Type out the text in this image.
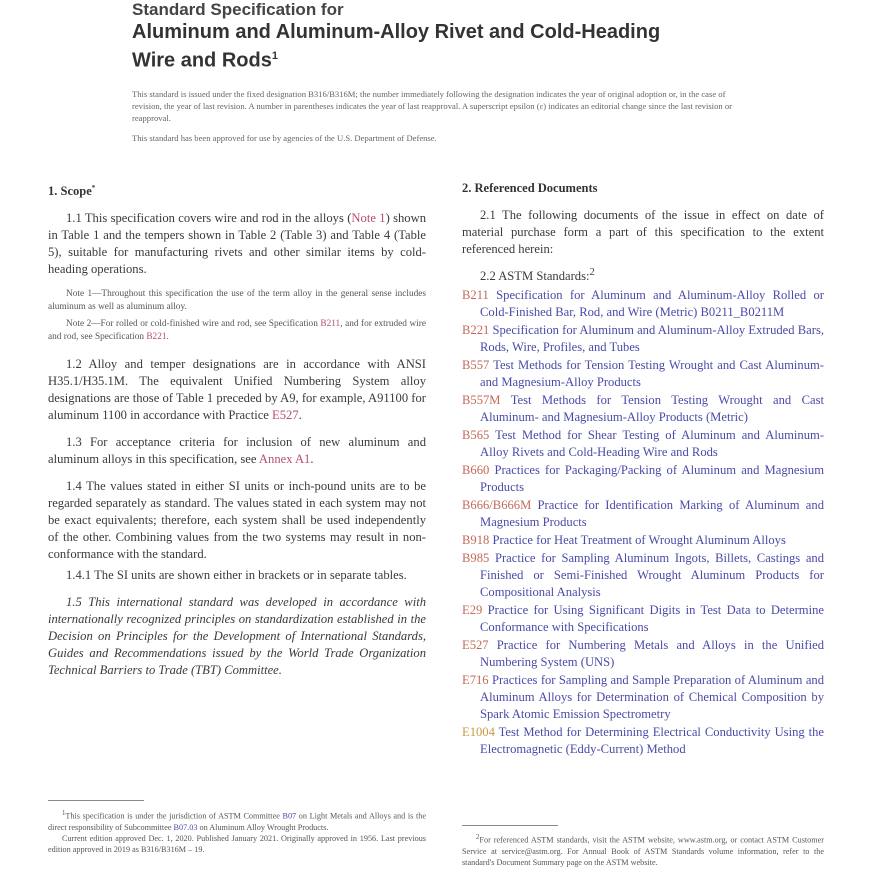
Standard Specification for
Aluminum and Aluminum-Alloy Rivet and Cold-Heading
Wire and Rods$^1$

This standard is issued under the fixed designation B316/B316M; the number immediately following the designation indicates the year of original adoption or, in the case of revision, the year of last revision. A number in parentheses indicates the year of last reapproval. A superscript epsilon (ε) indicates an editorial change since the last revision or reapproval.

This standard has been approved for use by agencies of the U.S. Department of Defense.

1. Scope*

1.1 This specification covers wire and rod in the alloys (Note 1) shown in Table 1 and the tempers shown in Table 2 (Table 3) and Table 4 (Table 5), suitable for manufacturing rivets and other similar items by cold-heading operations.

Note 1—Throughout this specification the use of the term alloy in the general sense includes aluminum as well as aluminum alloy.

Note 2—For rolled or cold-finished wire and rod, see Specification B211, and for extruded wire and rod, see Specification B221.

1.2 Alloy and temper designations are in accordance with ANSI H35.1/H35.1M. The equivalent Unified Numbering System alloy designations are those of Table 1 preceded by A9, for example, A91100 for aluminum 1100 in accordance with Practice E527.

1.3 For acceptance criteria for inclusion of new aluminum and aluminum alloys in this specification, see Annex A1.

1.4 The values stated in either SI units or inch-pound units are to be regarded separately as standard. The values stated in each system may not be exact equivalents; therefore, each system shall be used independently of the other. Combining values from the two systems may result in non-conformance with the standard.

1.4.1 The SI units are shown either in brackets or in separate tables.

1.5 This international standard was developed in accordance with internationally recognized principles on standardization established in the Decision on Principles for the Development of International Standards, Guides and Recommendations issued by the World Trade Organization Technical Barriers to Trade (TBT) Committee.

$^1$This specification is under the jurisdiction of ASTM Committee B07 on Light Metals and Alloys and is the direct responsibility of Subcommittee B07.03 on Aluminum Alloy Wrought Products.

Current edition approved Dec. 1, 2020. Published January 2021. Originally approved in 1956. Last previous edition approved in 2019 as B316/B316M – 19.

2. Referenced Documents

2.1 The following documents of the issue in effect on date of material purchase form a part of this specification to the extent referenced herein:

2.2 ASTM Standards:$^2$

B211 Specification for Aluminum and Aluminum-Alloy Rolled or Cold-Finished Bar, Rod, and Wire (Metric) B0211_B0211M

B221 Specification for Aluminum and Aluminum-Alloy Extruded Bars, Rods, Wire, Profiles, and Tubes

B557 Test Methods for Tension Testing Wrought and Cast Aluminum- and Magnesium-Alloy Products

B557M Test Methods for Tension Testing Wrought and Cast Aluminum- and Magnesium-Alloy Products (Metric)

B565 Test Method for Shear Testing of Aluminum and Aluminum-Alloy Rivets and Cold-Heading Wire and Rods

B660 Practices for Packaging/Packing of Aluminum and Magnesium Products

B666/B666M Practice for Identification Marking of Aluminum and Magnesium Products

B918 Practice for Heat Treatment of Wrought Aluminum Alloys

B985 Practice for Sampling Aluminum Ingots, Billets, Castings and Finished or Semi-Finished Wrought Aluminum Products for Compositional Analysis

E29 Practice for Using Significant Digits in Test Data to Determine Conformance with Specifications

E527 Practice for Numbering Metals and Alloys in the Unified Numbering System (UNS)

E716 Practices for Sampling and Sample Preparation of Aluminum and Aluminum Alloys for Determination of Chemical Composition by Spark Atomic Emission Spectrometry

E1004 Test Method for Determining Electrical Conductivity Using the Electromagnetic (Eddy-Current) Method

$^2$For referenced ASTM standards, visit the ASTM website, www.astm.org, or contact ASTM Customer Service at service@astm.org. For Annual Book of ASTM Standards volume information, refer to the standard's Document Summary page on the ASTM website.
